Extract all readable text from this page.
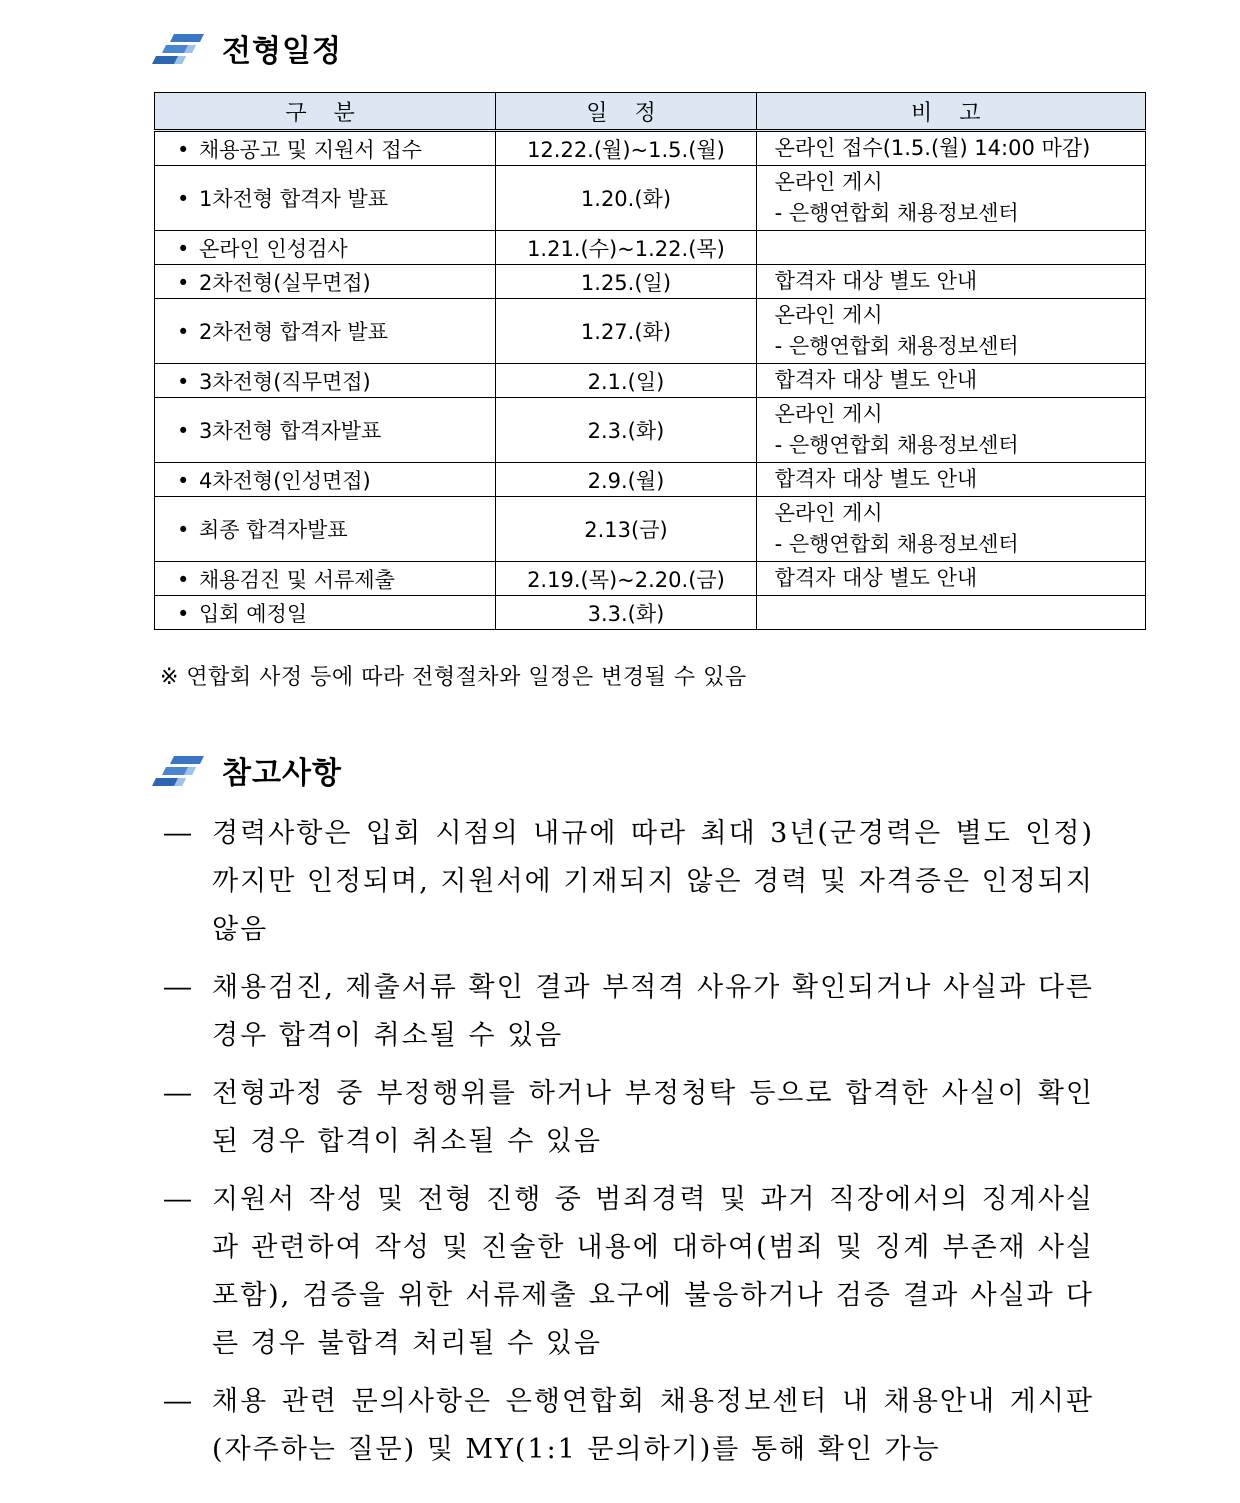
전형일정
구 분	일 정	비 고
• 채용공고 및 지원서 접수	12.22.(월)~1.5.(월)	온라인 접수(1.5.(월) 14:00 마감)

• 1차전형 합격자 발표	1.20.(화)	온라인 게시
- 은행연합회 채용정보센터

• 온라인 인성검사	1.21.(수)~1.22.(목)	

• 2차전형(실무면접)	1.25.(일)	합격자 대상 별도 안내

• 2차전형 합격자 발표	1.27.(화)	온라인 게시
- 은행연합회 채용정보센터

• 3차전형(직무면접)	2.1.(일)	합격자 대상 별도 안내

• 3차전형 합격자발표	2.3.(화)	온라인 게시
- 은행연합회 채용정보센터

• 4차전형(인성면접)	2.9.(월)	합격자 대상 별도 안내

• 최종 합격자발표	2.13(금)	온라인 게시
- 은행연합회 채용정보센터

• 채용검진 및 서류제출	2.19.(목)~2.20.(금)	합격자 대상 별도 안내

• 입회 예정일	3.3.(화)	
※ 연합회 사정 등에 따라 전형절차와 일정은 변경될 수 있음
참고사항
― 경력사항은 입회 시점의 내규에 따라 최대 3년(군경력은 별도 인정)까지만 인정되며, 지원서에 기재되지 않은 경력 및 자격증은 인정되지 않음
― 채용검진, 제출서류 확인 결과 부적격 사유가 확인되거나 사실과 다른 경우 합격이 취소될 수 있음
― 전형과정 중 부정행위를 하거나 부정청탁 등으로 합격한 사실이 확인된 경우 합격이 취소될 수 있음
― 지원서 작성 및 전형 진행 중 범죄경력 및 과거 직장에서의 징계사실과 관련하여 작성 및 진술한 내용에 대하여(범죄 및 징계 부존재 사실 포함), 검증을 위한 서류제출 요구에 불응하거나 검증 결과 사실과 다른 경우 불합격 처리될 수 있음
― 채용 관련 문의사항은 은행연합회 채용정보센터 내 채용안내 게시판(자주하는 질문) 및 MY(1:1 문의하기)를 통해 확인 가능
